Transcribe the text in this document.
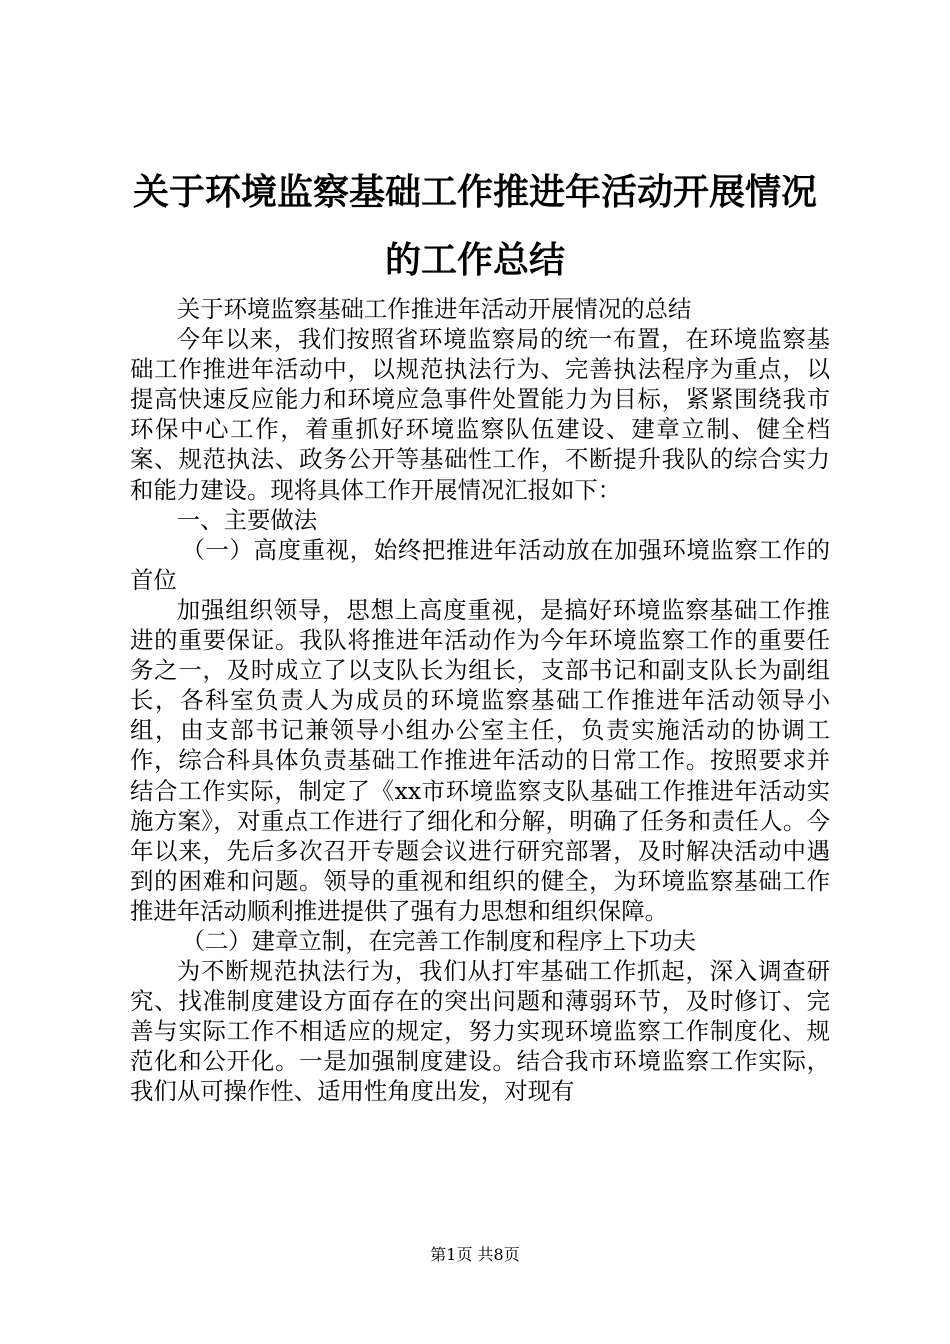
关于环境监察基础工作推进年活动开展情况的工作总结

关于环境监察基础工作推进年活动开展情况的总结

今年以来，我们按照省环境监察局的统一布置，在环境监察基础工作推进年活动中，以规范执法行为、完善执法程序为重点，以提高快速反应能力和环境应急事件处置能力为目标，紧紧围绕我市环保中心工作，着重抓好环境监察队伍建设、建章立制、健全档案、规范执法、政务公开等基础性工作，不断提升我队的综合实力和能力建设。现将具体工作开展情况汇报如下：

一、主要做法

（一）高度重视，始终把推进年活动放在加强环境监察工作的首位

加强组织领导，思想上高度重视，是搞好环境监察基础工作推进的重要保证。我队将推进年活动作为今年环境监察工作的重要任务之一，及时成立了以支队长为组长，支部书记和副支队长为副组长，各科室负责人为成员的环境监察基础工作推进年活动领导小组，由支部书记兼领导小组办公室主任，负责实施活动的协调工作，综合科具体负责基础工作推进年活动的日常工作。按照要求并结合工作实际，制定了《xx市环境监察支队基础工作推进年活动实施方案》，对重点工作进行了细化和分解，明确了任务和责任人。今年以来，先后多次召开专题会议进行研究部署，及时解决活动中遇到的困难和问题。领导的重视和组织的健全，为环境监察基础工作推进年活动顺利推进提供了强有力思想和组织保障。

（二）建章立制，在完善工作制度和程序上下功夫

为不断规范执法行为，我们从打牢基础工作抓起，深入调查研究、找准制度建设方面存在的突出问题和薄弱环节，及时修订、完善与实际工作不相适应的规定，努力实现环境监察工作制度化、规范化和公开化。一是加强制度建设。结合我市环境监察工作实际，我们从可操作性、适用性角度出发，对现有

第1页 共8页
